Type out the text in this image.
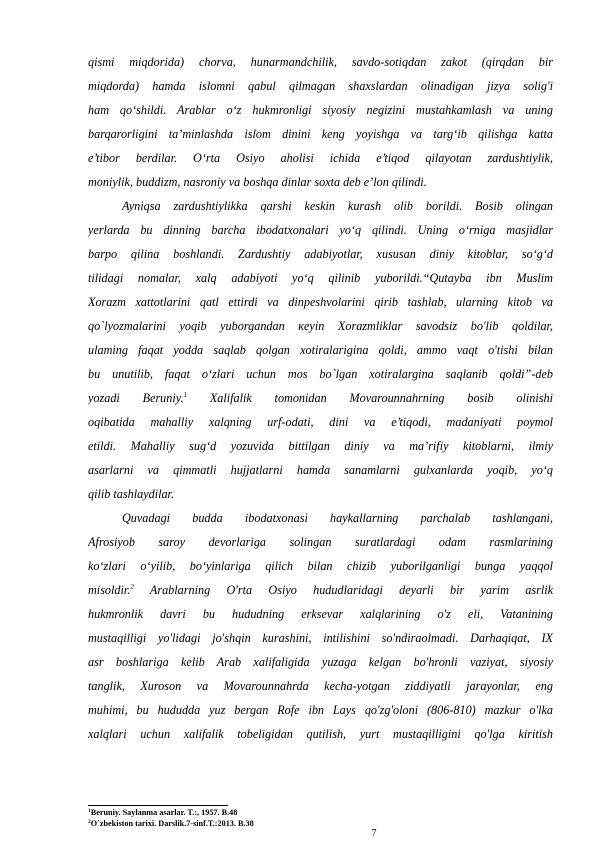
qismi miqdorida) chorva, hunarmandchilik, savdo-sotiqdan zakot (qirqdan bir
miqdorda) hamda islomni qabul qilmagan shaxslardan olinadigan jizya solig'i
ham qo‘shildi. Arablar o‘z hukmronligi siyosiy negizini mustahkamlash va uning
barqarorligini ta’minlashda islom dinini keng yoyishga va targ‘ib qilishga katta
e’tibor berdilar. O‘rta Osiyo aholisi ichida e’tiqod qilayotan zardushtiylik,
moniylik, buddizm, nasroniy va boshqa dinlar soxta deb e’lon qilindi.
Ayniqsa zardushtiylikka qarshi keskin kurash olib borildi. Bosib olingan
yerlarda bu dinning barcha ibodatxonalari yo‘q qilindi. Uning o‘rniga masjidlar
barpo qilina boshlandi. Zardushtiy adabiyotlar, xususan diniy kitoblar, so‘g‘d
tilidagi nomalar, xalq adabiyoti yo‘q qilinib yuborildi.“Qutayba ibn Muslim
Xorazm xattotlarini qatl ettirdi va dinpeshvolarini qirib tashlab, ularning kitob va
qo`lyozmalarini yoqib yuborgandan кeyin Xorazmliklar savodsiz bo'lib qoldilar,
ulaming faqat yodda saqlab qolgan xotiralarigina qoldi, ammo vaqt o'tishi bilan
bu unutilib, faqat o‘zlari uchun mos bo`lgan xotiralargina saqlanib qoldi”-deb
yozadi Beruniy.$^1$ Xalifalik tomonidan Movarounnahrning bosib olinishi
oqibatida mahalliy xalqning urf-odati, dini va e’tiqodi, madaniyati poymol
etildi. Mahalliy sug‘d yozuvida bittilgan diniy va ma’rifiy kitoblarni, ilmiy
asarlarni va qimmatli hujjatlarni hamda sanamlarni gulxanlarda yoqib, yo‘q
qilib tashlaydilar.
Quvadagi budda ibodatxonasi haykallarning parchalab tashlangani,
Afrosiyob saroy devorlariga solingan suratlardagi odam rasmlarining
ko‘zlari o‘yilib, bo‘yinlariga qilich bilan chizib yuborilganligi bunga yaqqol
misoldir.$^2$ Arablarning O'rta Osiyo hududlaridagi deyarli bir yarim asrlik
hukmronlik davri bu hududning erksevar xalqlarining o'z eli, Vatanining
mustaqilligi yo'lidagi jo'shqin kurashini, intilishini so'ndiraolmadi. Darhaqiqat, IX
asr boshlariga kelib Arab xalifaligida yuzaga kelgan bo'hronli vaziyat, siyosiy
tanglik, Xuroson va Movarounnahrda kecha-yotgan ziddiyatli jarayonlar, eng
muhimi, bu hududda yuz bergan Rofe ibn Lays qo'zg'oloni (806-810) mazkur o'lka
xalqlari uchun xalifalik tobeligidan qutilish, yurt mustaqilligini qo'lga kiritish
$^1$Beruniy. Saylanma asarlar. T.:, 1957. B.48
$^2$O`zbekiston tarixi. Darslik.7-sinf.T.:2013. B.38
7
